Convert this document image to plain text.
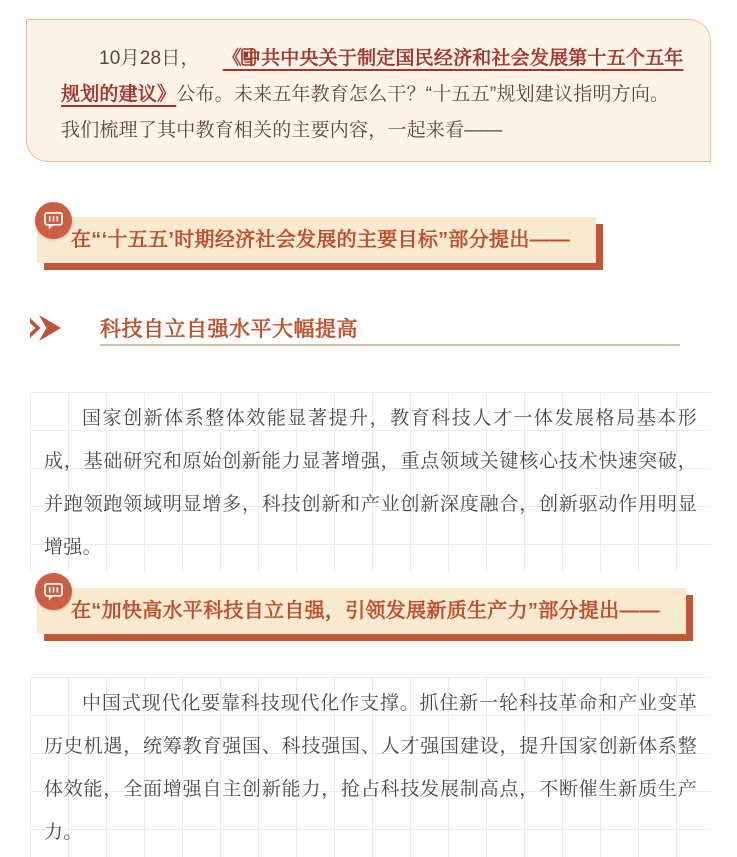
10月28日， 《中共中央关于制定国民经济和社会发展第十五个五年规划的建议》公布。未来五年教育怎么干？“十五五”规划建议指明方向。我们梳理了其中教育相关的主要内容，一起来看——

在“‘十五五’时期经济社会发展的主要目标”部分提出——
科技自立自强水平大幅提高

国家创新体系整体效能显著提升，教育科技人才一体发展格局基本形成，基础研究和原始创新能力显著增强，重点领域关键核心技术快速突破，并跑领跑领域明显增多，科技创新和产业创新深度融合，创新驱动作用明显增强。

在“加快高水平科技自立自强，引领发展新质生产力”部分提出——

中国式现代化要靠科技现代化作支撑。抓住新一轮科技革命和产业变革历史机遇，统筹教育强国、科技强国、人才强国建设，提升国家创新体系整体效能，全面增强自主创新能力，抢占科技发展制高点，不断催生新质生产力。
